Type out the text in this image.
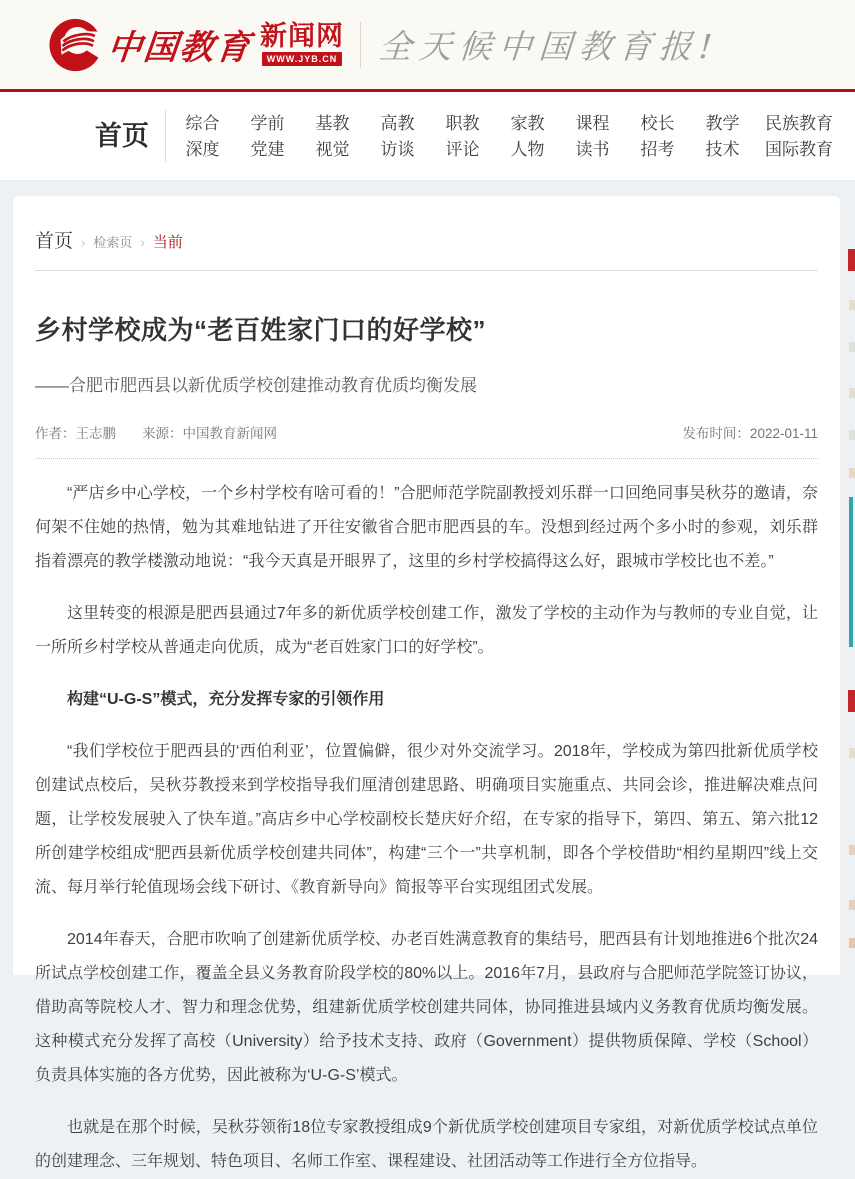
中国教育 新闻网
WWW.JYB.CN 全天候中国教育报!
首页 综合
深度
学前
党建
基教
视觉
高教
访谈
职教
评论
家教
人物
课程
读书
校长
招考
教学
技术
民族教育
国际教育
首页 › 检索页 › 当前
乡村学校成为“老百姓家门口的好学校”
——合肥市肥西县以新优质学校创建推动教育优质均衡发展
作者：王志鹏 来源：中国教育新闻网	发布时间：2022-01-11

“严店乡中心学校，一个乡村学校有啥可看的！”合肥师范学院副教授刘乐群一口回绝同事吴秋芬的邀请，奈何架不住她的热情，勉为其难地钻进了开往安徽省合肥市肥西县的车。没想到经过两个多小时的参观，刘乐群指着漂亮的教学楼激动地说：“我今天真是开眼界了，这里的乡村学校搞得这么好，跟城市学校比也不差。”

这里转变的根源是肥西县通过7年多的新优质学校创建工作，激发了学校的主动作为与教师的专业自觉，让一所所乡村学校从普通走向优质，成为“老百姓家门口的好学校”。

构建“U-G-S”模式，充分发挥专家的引领作用

“我们学校位于肥西县的‘西伯利亚’，位置偏僻，很少对外交流学习。2018年，学校成为第四批新优质学校创建试点校后，吴秋芬教授来到学校指导我们厘清创建思路、明确项目实施重点、共同会诊，推进解决难点问题，让学校发展驶入了快车道。”高店乡中心学校副校长楚庆好介绍，在专家的指导下，第四、第五、第六批12所创建学校组成“肥西县新优质学校创建共同体”，构建“三个一”共享机制，即各个学校借助“相约星期四”线上交流、每月举行轮值现场会线下研讨、《教育新导向》简报等平台实现组团式发展。

2014年春天，合肥市吹响了创建新优质学校、办老百姓满意教育的集结号，肥西县有计划地推进6个批次24所试点学校创建工作，覆盖全县义务教育阶段学校的80%以上。2016年7月，县政府与合肥师范学院签订协议，借助高等院校人才、智力和理念优势，组建新优质学校创建共同体，协同推进县域内义务教育优质均衡发展。这种模式充分发挥了高校（University）给予技术支持、政府（Government）提供物质保障、学校（School）负责具体实施的各方优势，因此被称为‘U-G-S’模式。

也就是在那个时候，吴秋芬领衔18位专家教授组成9个新优质学校创建项目专家组，对新优质学校试点单位的创建理念、三年规划、特色项目、名师工作室、课程建设、社团活动等工作进行全方位指导。
